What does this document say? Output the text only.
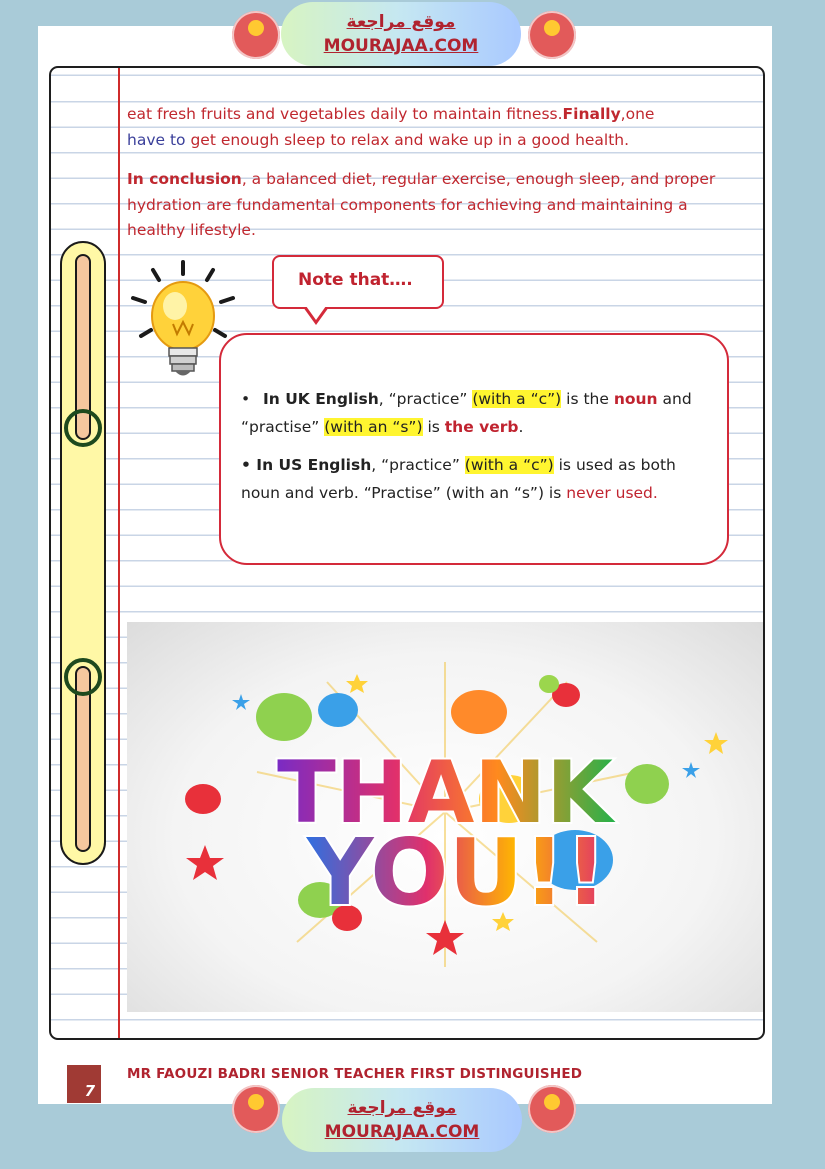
موقع مراجعة
MOURAJAA.COM
eat fresh fruits and vegetables daily to maintain fitness.Finally,one
have to get enough sleep to relax and wake up in a good health.
In conclusion, a balanced diet, regular exercise, enough sleep, and proper hydration are fundamental components for achieving and maintaining a healthy lifestyle.
Note that….
• In UK English, “practice” (with a “c”) is the noun and “practise” (with an “s”) is the verb.
• In US English, “practice” (with a “c”) is used as both noun and verb. “Practise” (with an “s”) is never used.
THANK
YOU!!
7
MR FAOUZI BADRI SENIOR TEACHER FIRST DISTINGUISHED
موقع مراجعة
MOURAJAA.COM
